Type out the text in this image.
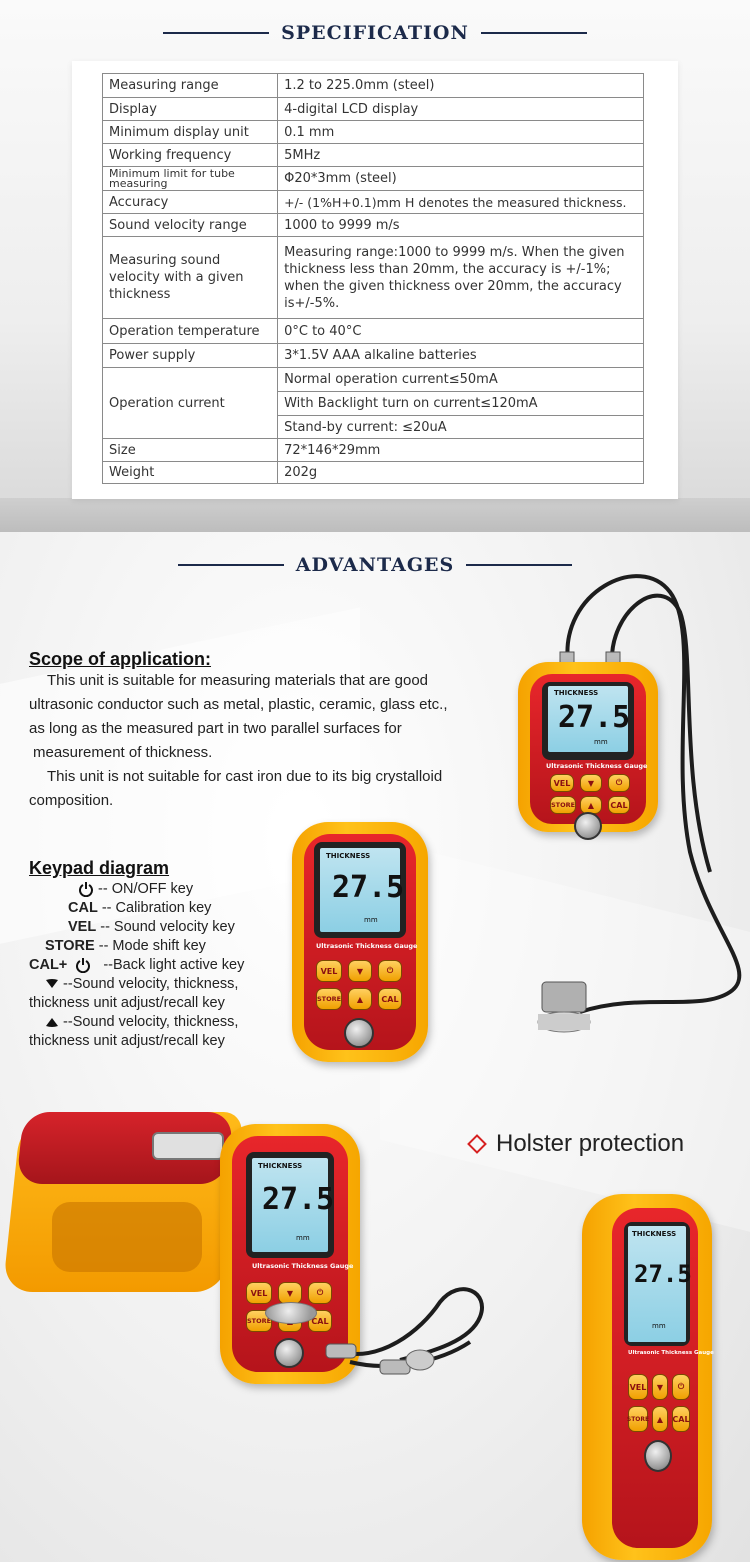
SPECIFICATION
Measuring range	1.2 to 225.0mm (steel)
Display	4-digital LCD display
Minimum display unit	0.1 mm
Working frequency	5MHz
Minimum limit for tube measuring	Φ20*3mm (steel)
Accuracy	+/- (1%H+0.1)mm H denotes the measured thickness.
Sound velocity range	1000 to 9999 m/s
Measuring sound velocity with a given thickness	Measuring range:1000 to 9999 m/s. When the given thickness less than 20mm, the accuracy is +/-1%; when the given thickness over 20mm, the accuracy is+/-5%.
Operation temperature	0°C to 40°C
Power supply	3*1.5V AAA alkaline batteries
Operation current	Normal operation current≤50mA
	With Backlight turn on current≤120mA
	Stand-by current: ≤20uA
Size	72*146*29mm
Weight	202g
ADVANTAGES
Scope of application:
This unit is suitable for measuring materials that are good
ultrasonic conductor such as metal, plastic, ceramic, glass etc.,
as long as the measured part in two parallel surfaces for
measurement of thickness.
This unit is not suitable for cast iron due to its big crystalloid
composition.
Keypad diagram
-- ON/OFF key
CAL -- Calibration key
VEL -- Sound velocity key
STORE -- Mode shift key
CAL+ --Back light active key
--Sound velocity, thickness,
thickness unit adjust/recall key
--Sound velocity, thickness,
thickness unit adjust/recall key
Holster protection
THICKNESS
27.5
mm
Ultrasonic Thickness Gauge
VEL	▼	⏻
STORE	▲	CAL
THICKNESS
27.5
mm
Ultrasonic Thickness Gauge
VEL	▼	⏻
STORE	▲	CAL
THICKNESS
27.5
mm
Ultrasonic Thickness Gauge
VEL	▼	⏻
STORE	CAL
THICKNESS
27.5
mm
Ultrasonic Thickness Gauge
VEL	▼	⏻
STORE ▲	CAL
